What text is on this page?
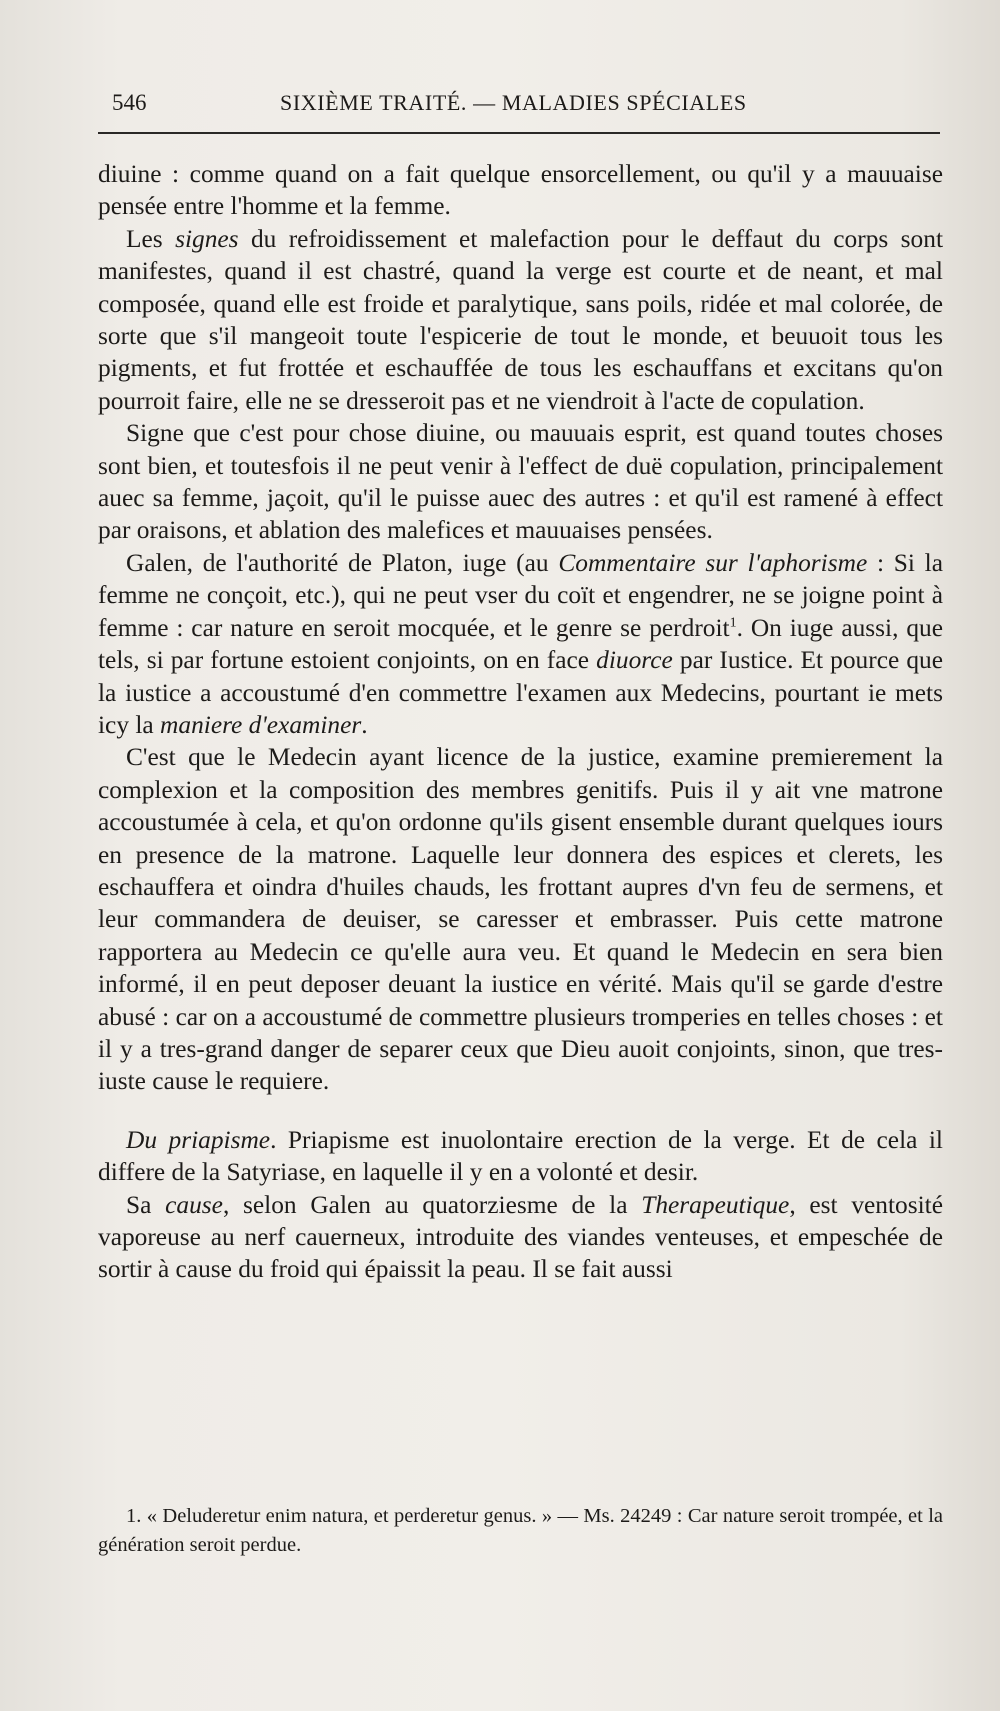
546	SIXIÈME TRAITÉ. — MALADIES SPÉCIALES

diuine : comme quand on a fait quelque ensorcellement, ou qu'il y a mauuaise pensée entre l'homme et la femme.

Les signes du refroidissement et malefaction pour le deffaut du corps sont manifestes, quand il est chastré, quand la verge est courte et de neant, et mal composée, quand elle est froide et paralytique, sans poils, ridée et mal colorée, de sorte que s'il mangeoit toute l'espicerie de tout le monde, et beuuoit tous les pigments, et fut frottée et eschauffée de tous les eschauffans et excitans qu'on pourroit faire, elle ne se dresseroit pas et ne viendroit à l'acte de copulation.

Signe que c'est pour chose diuine, ou mauuais esprit, est quand toutes choses sont bien, et toutesfois il ne peut venir à l'effect de duë copulation, principalement auec sa femme, jaçoit, qu'il le puisse auec des autres : et qu'il est ramené à effect par oraisons, et ablation des malefices et mauuaises pensées.

Galen, de l'authorité de Platon, iuge (au Commentaire sur l'aphorisme : Si la femme ne conçoit, etc.), qui ne peut vser du coït et engendrer, ne se joigne point à femme : car nature en seroit mocquée, et le genre se perdroit$^1$. On iuge aussi, que tels, si par fortune estoient conjoints, on en face diuorce par Iustice. Et pource que la iustice a accoustumé d'en commettre l'examen aux Medecins, pourtant ie mets icy la maniere d'examiner.

C'est que le Medecin ayant licence de la justice, examine premierement la complexion et la composition des membres genitifs. Puis il y ait vne matrone accoustumée à cela, et qu'on ordonne qu'ils gisent ensemble durant quelques iours en presence de la matrone. Laquelle leur donnera des espices et clerets, les eschauffera et oindra d'huiles chauds, les frottant aupres d'vn feu de sermens, et leur commandera de deuiser, se caresser et embrasser. Puis cette matrone rapportera au Medecin ce qu'elle aura veu. Et quand le Medecin en sera bien informé, il en peut deposer deuant la iustice en vérité. Mais qu'il se garde d'estre abusé : car on a accoustumé de commettre plusieurs tromperies en telles choses : et il y a tres-grand danger de separer ceux que Dieu auoit conjoints, sinon, que tres-iuste cause le requiere.

Du priapisme. Priapisme est inuolontaire erection de la verge. Et de cela il differe de la Satyriase, en laquelle il y en a volonté et desir.

Sa cause, selon Galen au quatorziesme de la Therapeutique, est ventosité vaporeuse au nerf cauerneux, introduite des viandes venteuses, et empeschée de sortir à cause du froid qui épaissit la peau. Il se fait aussi

1. « Deluderetur enim natura, et perderetur genus. » — Ms. 24249 : Car nature seroit trompée, et la génération seroit perdue.
